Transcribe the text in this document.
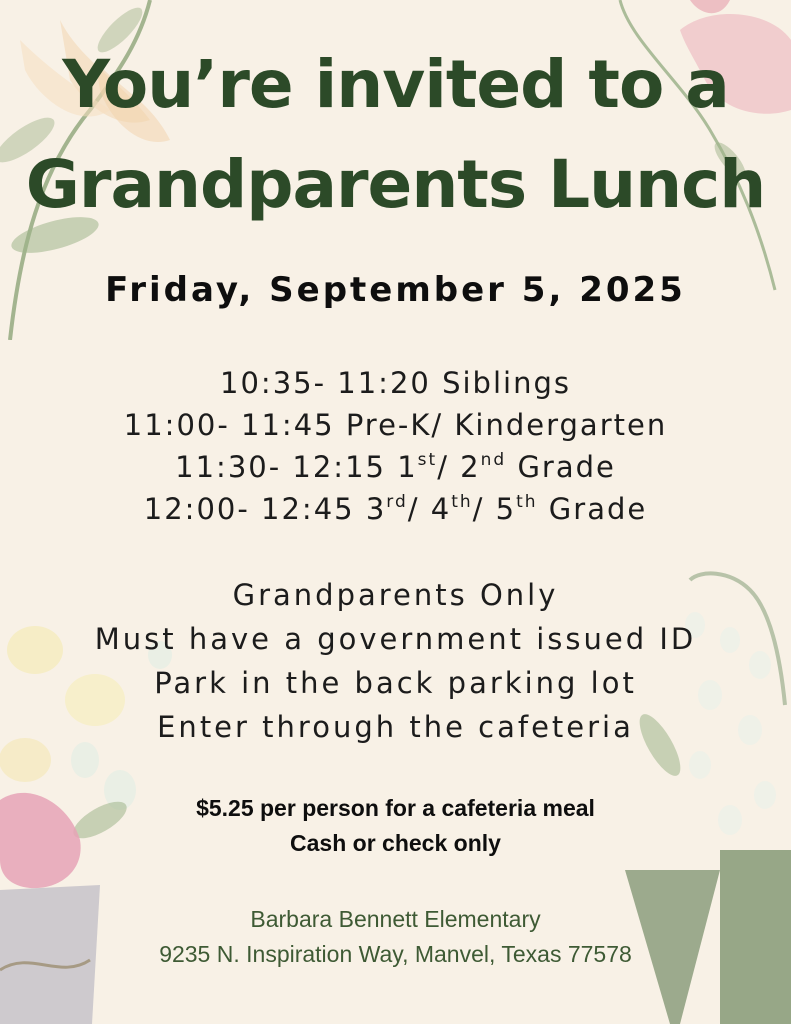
You’re invited to a
Grandparents Lunch
Friday, September 5, 2025
10:35- 11:20 Siblings
11:00- 11:45 Pre-K/ Kindergarten
11:30- 12:15 1st/ 2nd Grade
12:00- 12:45 3rd/ 4th/ 5th Grade
Grandparents Only
Must have a government issued ID
Park in the back parking lot
Enter through the cafeteria
$5.25 per person for a cafeteria meal
Cash or check only
Barbara Bennett Elementary
9235 N. Inspiration Way, Manvel, Texas 77578
